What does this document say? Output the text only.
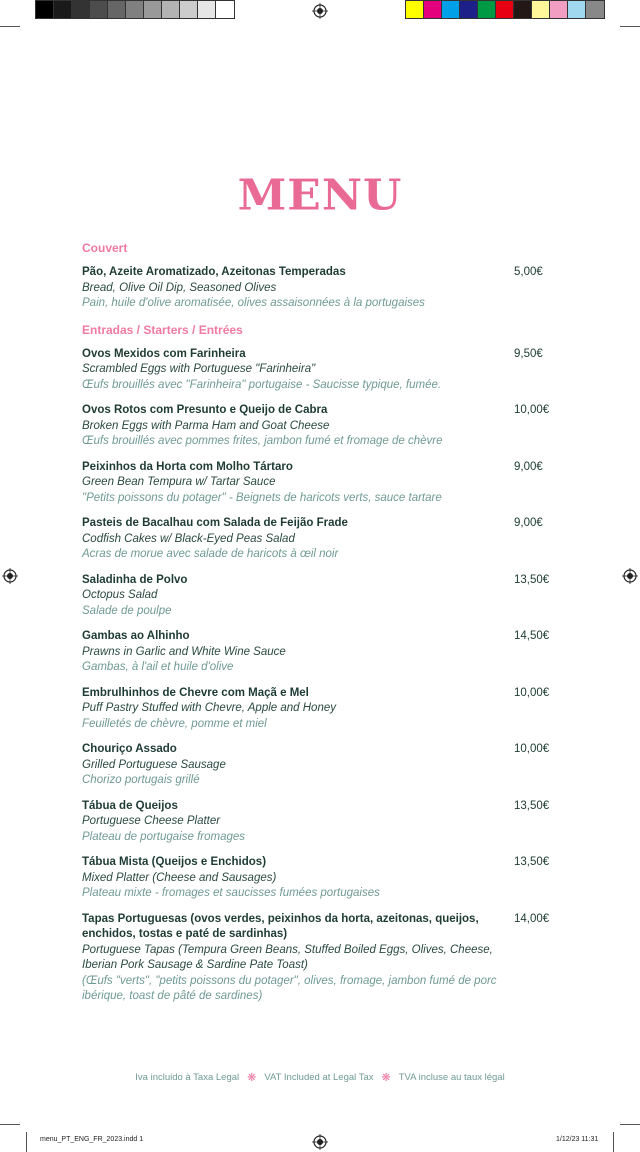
MENU
Couvert
Pão, Azeite Aromatizado, Azeitonas Temperadas
Bread, Olive Oil Dip, Seasoned Olives
Pain, huile d'olive aromatisée, olives assaisonnées à la portugaises
5,00€
Entradas / Starters / Entrées
Ovos Mexidos com Farinheira
Scrambled Eggs with Portuguese "Farinheira"
Œufs brouillés avec "Farinheira" portugaise - Saucisse typique, fumée.
9,50€
Ovos Rotos com Presunto e Queijo de Cabra
Broken Eggs with Parma Ham and Goat Cheese
Œufs brouillés avec pommes frites, jambon fumé et fromage de chèvre
10,00€
Peixinhos da Horta com Molho Tártaro
Green Bean Tempura w/ Tartar Sauce
"Petits poissons du potager" - Beignets de haricots verts, sauce tartare
9,00€
Pasteis de Bacalhau com Salada de Feijão Frade
Codfish Cakes w/ Black-Eyed Peas Salad
Acras de morue avec salade de haricots à œil noir
9,00€
Saladinha de Polvo
Octopus Salad
Salade de poulpe
13,50€
Gambas ao Alhinho
Prawns in Garlic and White Wine Sauce
Gambas, à l'ail et huile d'olive
14,50€
Embrulhinhos de Chevre com Maçã e Mel
Puff Pastry Stuffed with Chevre, Apple and Honey
Feuilletés de chèvre, pomme et miel
10,00€
Chouriço Assado
Grilled Portuguese Sausage
Chorizo portugais grillé
10,00€
Tábua de Queijos
Portuguese Cheese Platter
Plateau de portugaise fromages
13,50€
Tábua Mista (Queijos e Enchidos)
Mixed Platter (Cheese and Sausages)
Plateau mixte - fromages et saucisses fumées portugaises
13,50€
Tapas Portuguesas (ovos verdes, peixinhos da horta, azeitonas, queijos, enchidos, tostas e paté de sardinhas)
Portuguese Tapas (Tempura Green Beans, Stuffed Boiled Eggs, Olives, Cheese, Iberian Pork Sausage & Sardine Pate Toast)
(Œufs "verts", "petits poissons du potager", olives, fromage, jambon fumé de porc ibérique, toast de pâté de sardines)
14,00€
Iva incluido à Taxa Legal ❋ VAT Included at Legal Tax ❋ TVA incluse au taux légal
menu_PT_ENG_FR_2023.indd 1	1/12/23 11:31
